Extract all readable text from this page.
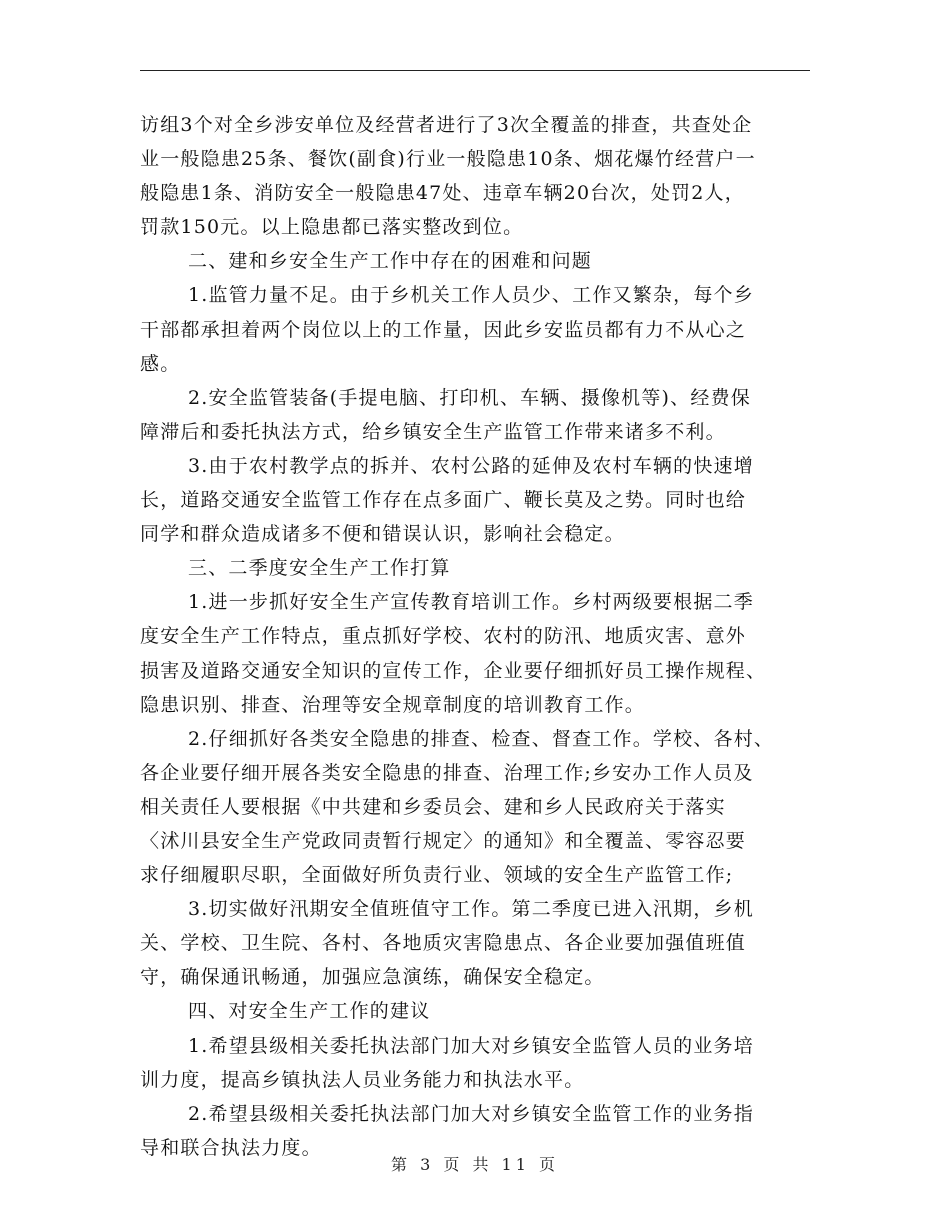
访组3个对全乡涉安单位及经营者进行了3次全覆盖的排查，共查处企
业一般隐患25条、餐饮(副食)行业一般隐患10条、烟花爆竹经营户一
般隐患1条、消防安全一般隐患47处、违章车辆20台次，处罚2人，
罚款150元。以上隐患都已落实整改到位。
二、建和乡安全生产工作中存在的困难和问题
1.监管力量不足。由于乡机关工作人员少、工作又繁杂，每个乡
干部都承担着两个岗位以上的工作量，因此乡安监员都有力不从心之
感。
2.安全监管装备(手提电脑、打印机、车辆、摄像机等)、经费保
障滞后和委托执法方式，给乡镇安全生产监管工作带来诸多不利。
3.由于农村教学点的拆并、农村公路的延伸及农村车辆的快速增
长，道路交通安全监管工作存在点多面广、鞭长莫及之势。同时也给
同学和群众造成诸多不便和错误认识，影响社会稳定。
三、二季度安全生产工作打算
1.进一步抓好安全生产宣传教育培训工作。乡村两级要根据二季
度安全生产工作特点，重点抓好学校、农村的防汛、地质灾害、意外
损害及道路交通安全知识的宣传工作，企业要仔细抓好员工操作规程、
隐患识别、排查、治理等安全规章制度的培训教育工作。
2.仔细抓好各类安全隐患的排查、检查、督查工作。学校、各村、
各企业要仔细开展各类安全隐患的排查、治理工作;乡安办工作人员及
相关责任人要根据《中共建和乡委员会、建和乡人民政府关于落实
〈沭川县安全生产党政同责暂行规定〉的通知》和全覆盖、零容忍要
求仔细履职尽职，全面做好所负责行业、领域的安全生产监管工作;
3.切实做好汛期安全值班值守工作。第二季度已进入汛期，乡机
关、学校、卫生院、各村、各地质灾害隐患点、各企业要加强值班值
守，确保通讯畅通，加强应急演练，确保安全稳定。
四、对安全生产工作的建议
1.希望县级相关委托执法部门加大对乡镇安全监管人员的业务培
训力度，提高乡镇执法人员业务能力和执法水平。
2.希望县级相关委托执法部门加大对乡镇安全监管工作的业务指
导和联合执法力度。
第 3 页 共 11 页
